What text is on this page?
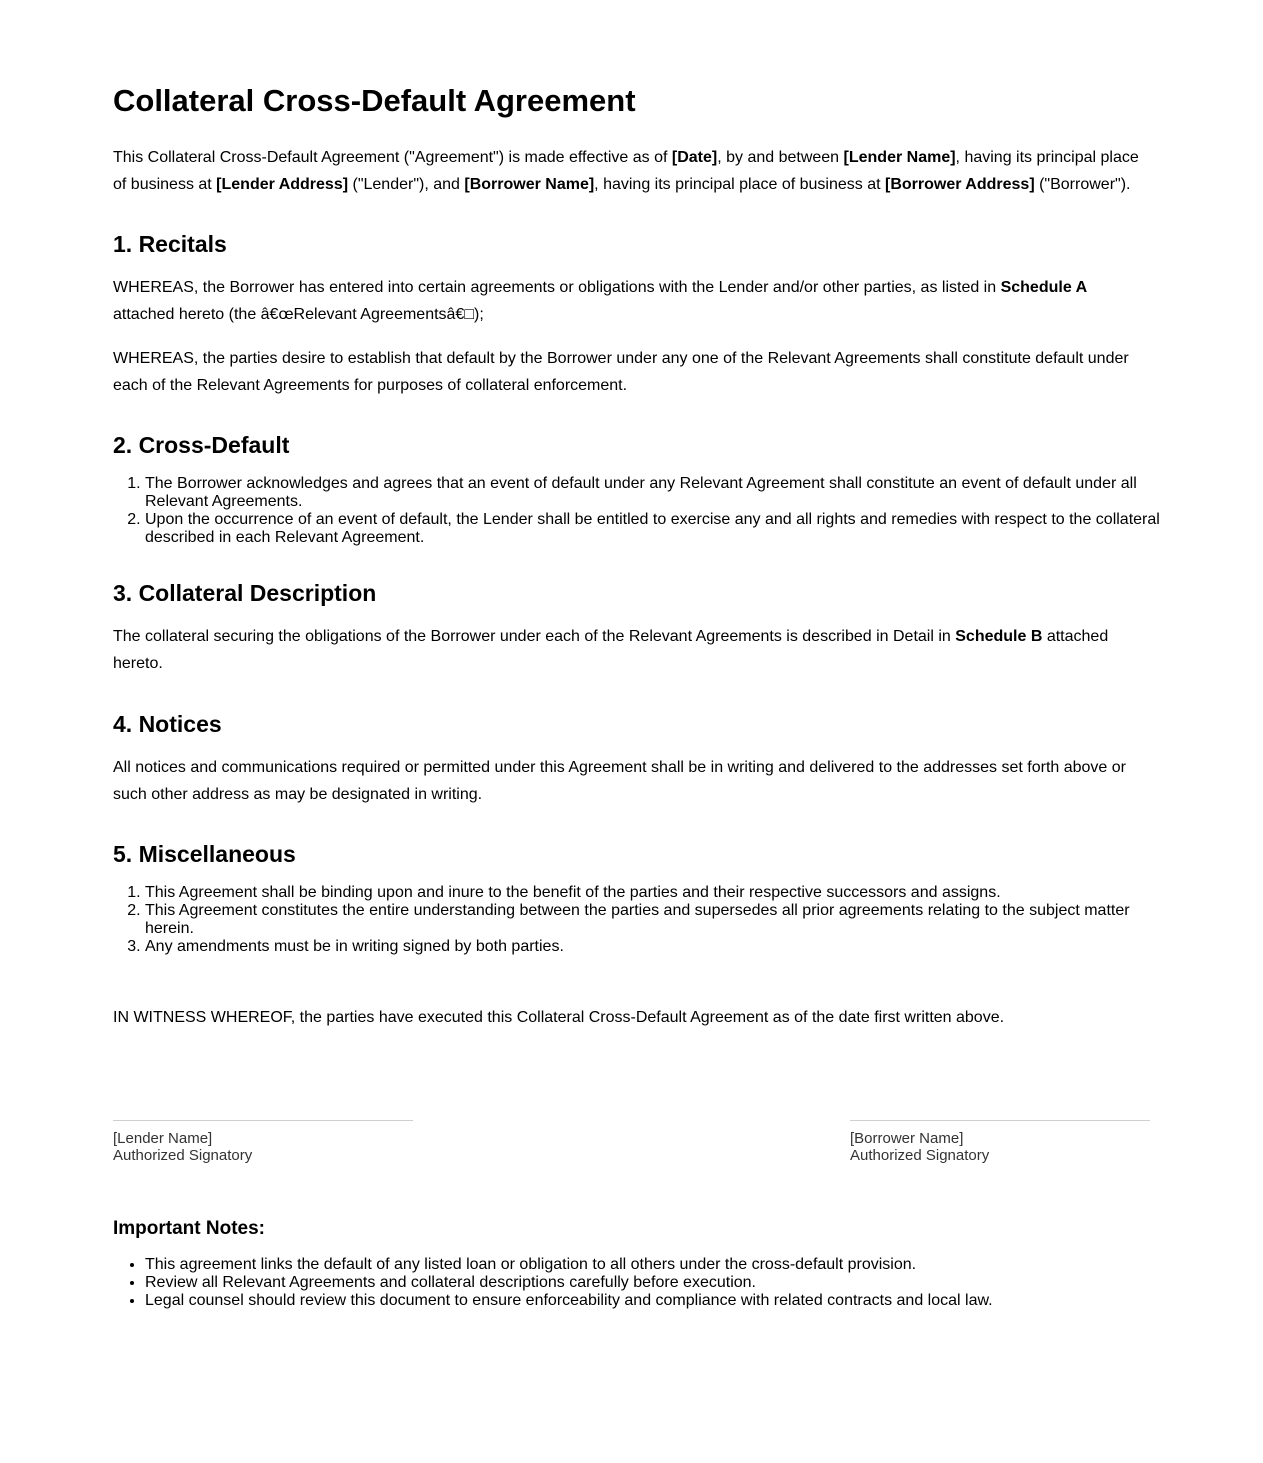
Collateral Cross-Default Agreement

This Collateral Cross-Default Agreement ("Agreement") is made effective as of [Date], by and between [Lender Name], having its principal place of business at [Lender Address] ("Lender"), and [Borrower Name], having its principal place of business at [Borrower Address] ("Borrower").

1. Recitals

WHEREAS, the Borrower has entered into certain agreements or obligations with the Lender and/or other parties, as listed in Schedule A attached hereto (the â€œRelevant Agreementsâ€□);

WHEREAS, the parties desire to establish that default by the Borrower under any one of the Relevant Agreements shall constitute default under each of the Relevant Agreements for purposes of collateral enforcement.

2. Cross-Default
1. The Borrower acknowledges and agrees that an event of default under any Relevant Agreement shall constitute an event of default under all Relevant Agreements.
2. Upon the occurrence of an event of default, the Lender shall be entitled to exercise any and all rights and remedies with respect to the collateral described in each Relevant Agreement.
3. Collateral Description

The collateral securing the obligations of the Borrower under each of the Relevant Agreements is described in Detail in Schedule B attached hereto.

4. Notices

All notices and communications required or permitted under this Agreement shall be in writing and delivered to the addresses set forth above or such other address as may be designated in writing.

5. Miscellaneous
1. This Agreement shall be binding upon and inure to the benefit of the parties and their respective successors and assigns.
2. This Agreement constitutes the entire understanding between the parties and supersedes all prior agreements relating to the subject matter herein.
3. Any amendments must be in writing signed by both parties.

IN WITNESS WHEREOF, the parties have executed this Collateral Cross-Default Agreement as of the date first written above.

Important Notes:
• This agreement links the default of any listed loan or obligation to all others under the cross-default provision.
• Review all Relevant Agreements and collateral descriptions carefully before execution.
• Legal counsel should review this document to ensure enforceability and compliance with related contracts and local law.
[Lender Name]
Authorized Signatory
[Borrower Name]
Authorized Signatory
